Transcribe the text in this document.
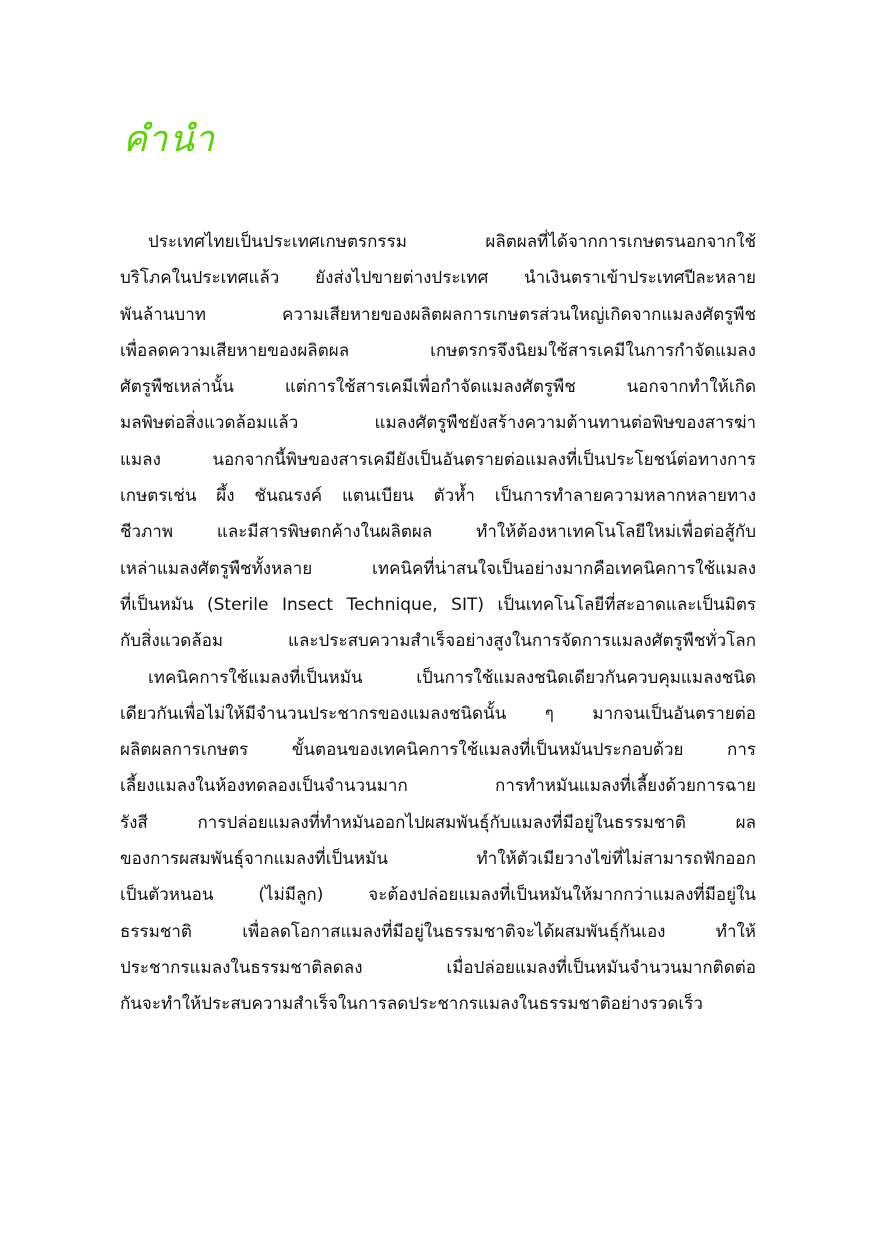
คำนำ
ประเทศไทยเป็นประเทศเกษตรกรรม ผลิตผลที่ได้จากการเกษตรนอกจากใช้
บริโภคในประเทศแล้ว ยังส่งไปขายต่างประเทศ นำเงินตราเข้าประเทศปีละหลาย
พันล้านบาท ความเสียหายของผลิตผลการเกษตรส่วนใหญ่เกิดจากแมลงศัตรูพืช
เพื่อลดความเสียหายของผลิตผล เกษตรกรจึงนิยมใช้สารเคมีในการกำจัดแมลง
ศัตรูพืชเหล่านั้น แต่การใช้สารเคมีเพื่อกำจัดแมลงศัตรูพืช นอกจากทำให้เกิด
มลพิษต่อสิ่งแวดล้อมแล้ว แมลงศัตรูพืชยังสร้างความต้านทานต่อพิษของสารฆ่า
แมลง นอกจากนี้พิษของสารเคมียังเป็นอันตรายต่อแมลงที่เป็นประโยชน์ต่อทางการ
เกษตรเช่น ผึ้ง ชันณรงค์ แตนเบียน ตัวห้ำ เป็นการทำลายความหลากหลายทาง
ชีวภาพ และมีสารพิษตกค้างในผลิตผล ทำให้ต้องหาเทคโนโลยีใหม่เพื่อต่อสู้กับ
เหล่าแมลงศัตรูพืชทั้งหลาย เทคนิคที่น่าสนใจเป็นอย่างมากคือเทคนิคการใช้แมลง
ที่เป็นหมัน (Sterile Insect Technique, SIT) เป็นเทคโนโลยีที่สะอาดและเป็นมิตร
กับสิ่งแวดล้อม และประสบความสำเร็จอย่างสูงในการจัดการแมลงศัตรูพืชทั่วโลก
เทคนิคการใช้แมลงที่เป็นหมัน เป็นการใช้แมลงชนิดเดียวกันควบคุมแมลงชนิด
เดียวกันเพื่อไม่ให้มีจำนวนประชากรของแมลงชนิดนั้น ๆ มากจนเป็นอันตรายต่อ
ผลิตผลการเกษตร ขั้นตอนของเทคนิคการใช้แมลงที่เป็นหมันประกอบด้วย การ
เลี้ยงแมลงในห้องทดลองเป็นจำนวนมาก การทำหมันแมลงที่เลี้ยงด้วยการฉาย
รังสี การปล่อยแมลงที่ทำหมันออกไปผสมพันธุ์กับแมลงที่มีอยู่ในธรรมชาติ ผล
ของการผสมพันธุ์จากแมลงที่เป็นหมัน ทำให้ตัวเมียวางไข่ที่ไม่สามารถฟักออก
เป็นตัวหนอน (ไม่มีลูก) จะต้องปล่อยแมลงที่เป็นหมันให้มากกว่าแมลงที่มีอยู่ใน
ธรรมชาติ เพื่อลดโอกาสแมลงที่มีอยู่ในธรรมชาติจะได้ผสมพันธุ์กันเอง ทำให้
ประชากรแมลงในธรรมชาติลดลง เมื่อปล่อยแมลงที่เป็นหมันจำนวนมากติดต่อ
กันจะทำให้ประสบความสำเร็จในการลดประชากรแมลงในธรรมชาติอย่างรวดเร็ว
